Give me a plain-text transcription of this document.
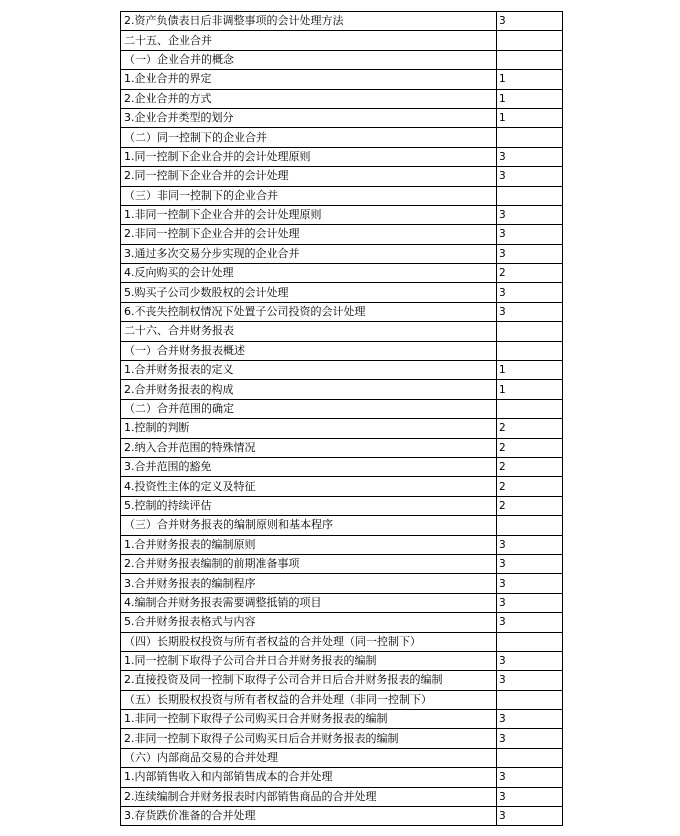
2.资产负债表日后非调整事项的会计处理方法	3
二十五、企业合并	
（一）企业合并的概念	
1.企业合并的界定	1
2.企业合并的方式	1
3.企业合并类型的划分	1
（二）同一控制下的企业合并	
1.同一控制下企业合并的会计处理原则	3
2.同一控制下企业合并的会计处理	3
（三）非同一控制下的企业合并	
1.非同一控制下企业合并的会计处理原则	3
2.非同一控制下企业合并的会计处理	3
3.通过多次交易分步实现的企业合并	3
4.反向购买的会计处理	2
5.购买子公司少数股权的会计处理	3
6.不丧失控制权情况下处置子公司投资的会计处理	3
二十六、合并财务报表	
（一）合并财务报表概述	
1.合并财务报表的定义	1
2.合并财务报表的构成	1
（二）合并范围的确定	
1.控制的判断	2
2.纳入合并范围的特殊情况	2
3.合并范围的豁免	2
4.投资性主体的定义及特征	2
5.控制的持续评估	2
（三）合并财务报表的编制原则和基本程序	
1.合并财务报表的编制原则	3
2.合并财务报表编制的前期准备事项	3
3.合并财务报表的编制程序	3
4.编制合并财务报表需要调整抵销的项目	3
5.合并财务报表格式与内容	3
（四）长期股权投资与所有者权益的合并处理（同一控制下）	
1.同一控制下取得子公司合并日合并财务报表的编制	3
2.直接投资及同一控制下取得子公司合并日后合并财务报表的编制	3
（五）长期股权投资与所有者权益的合并处理（非同一控制下）	
1.非同一控制下取得子公司购买日合并财务报表的编制	3
2.非同一控制下取得子公司购买日后合并财务报表的编制	3
（六）内部商品交易的合并处理	
1.内部销售收入和内部销售成本的合并处理	3
2.连续编制合并财务报表时内部销售商品的合并处理	3
3.存货跌价准备的合并处理	3
